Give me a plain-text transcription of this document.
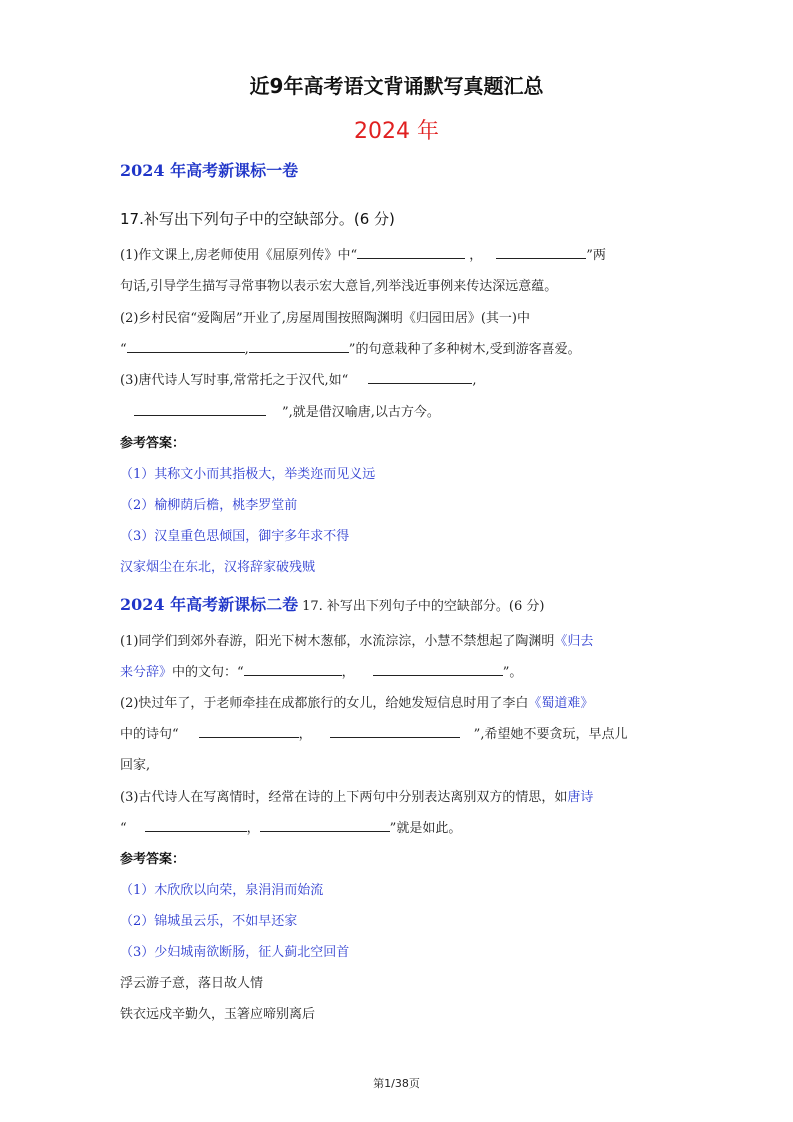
近9年高考语文背诵默写真题汇总
2024 年
2024 年高考新课标一卷
17.补写出下列句子中的空缺部分。(6 分)
(1)作文课上,房老师使用《屈原列传》中“	，	”两
句话,引导学生描写寻常事物以表示宏大意旨,列举浅近事例来传达深远意蕴。
(2)乡村民宿“爱陶居”开业了,房屋周围按照陶渊明《归园田居》(其一)中
“	,	”的句意栽种了多种树木,受到游客喜爱。
(3)唐代诗人写时事,常常托之于汉代,如“	,
”,就是借汉喻唐,以古方今。
参考答案：
（1）其称文小而其指极大，举类迩而见义远
（2）榆柳荫后檐，桃李罗堂前
（3）汉皇重色思倾国，御宇多年求不得
汉家烟尘在东北，汉将辞家破残贼
2024 年高考新课标二卷 17. 补写出下列句子中的空缺部分。(6 分)
(1)同学们到郊外春游，阳光下树木葱郁，水流淙淙，小慧不禁想起了陶渊明《归去
来兮辞》中的文句：“	，	”。
(2)快过年了，于老师牵挂在成都旅行的女儿，给她发短信息时用了李白《蜀道难》
中的诗句“	，	”,希望她不要贪玩，早点儿
回家,
(3)古代诗人在写离情时，经常在诗的上下两句中分别表达离别双方的情思，如唐诗
“	，	”就是如此。
参考答案：
（1）木欣欣以向荣，泉涓涓而始流
（2）锦城虽云乐，不如早还家
（3）少妇城南欲断肠，征人蓟北空回首
浮云游子意，落日故人情
铁衣远戍辛勤久，玉箸应啼别离后
第1/38页
